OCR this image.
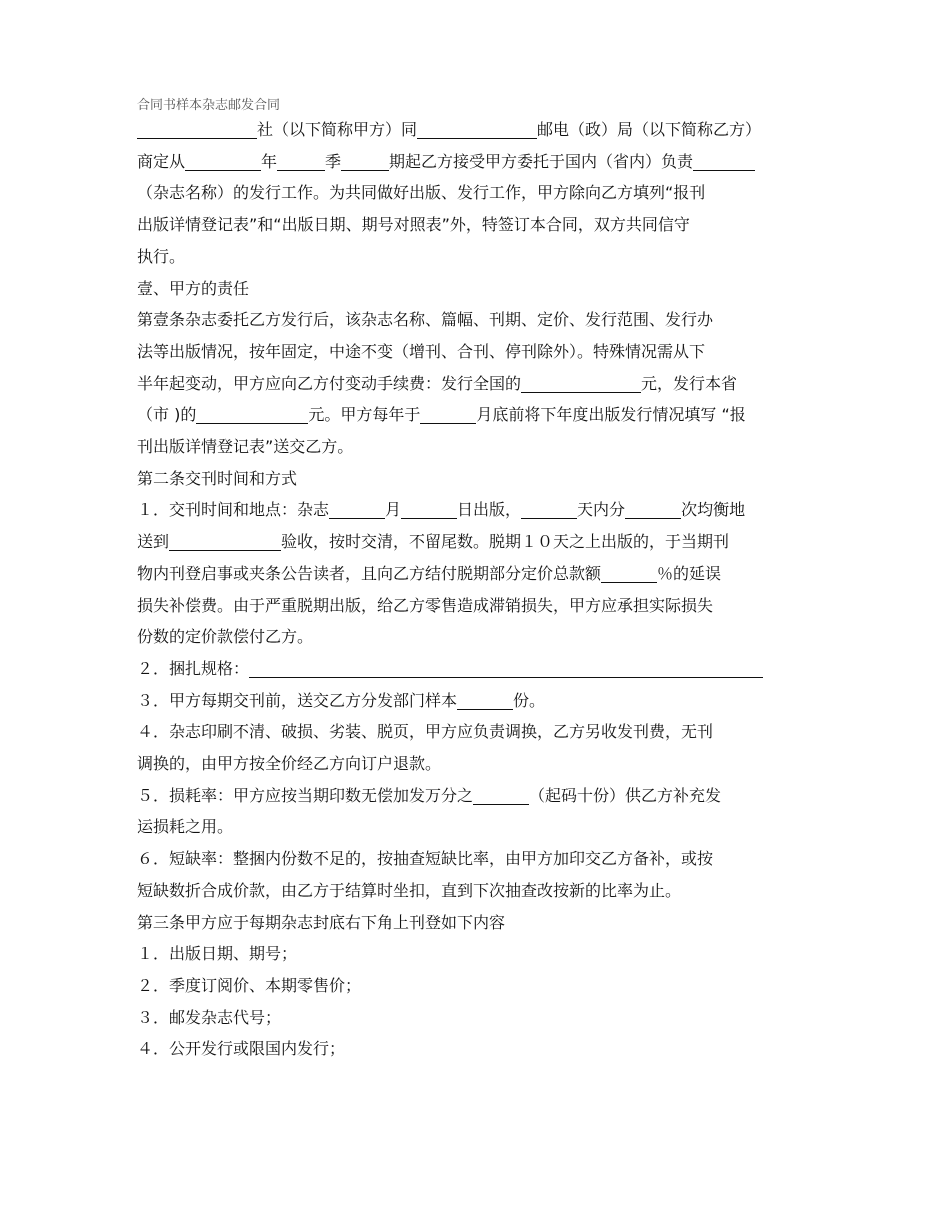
合同书样本杂志邮发合同
社（以下简称甲方）同	邮电（政）局（以下简称乙方）
商定从	年	季	期起乙方接受甲方委托于国内（省内）负责
（杂志名称）的发行工作。为共同做好出版、发行工作，甲方除向乙方填列“报刊
出版详情登记表”和“出版日期、期号对照表”外，特签订本合同，双方共同信守
执行。
壹、甲方的责任
第壹条杂志委托乙方发行后，该杂志名称、篇幅、刊期、定价、发行范围、发行办
法等出版情况，按年固定，中途不变（增刊、合刊、停刊除外）。特殊情况需从下
半年起变动，甲方应向乙方付变动手续费：发行全国的	元，发行本省
（市 )的	元。甲方每年于	月底前将下年度出版发行情况填写 “报
刊出版详情登记表”送交乙方。
第二条交刊时间和方式
１．交刊时间和地点：杂志	月	日出版，	天内分	次均衡地
送到	验收，按时交清，不留尾数。脱期１０天之上出版的，于当期刊
物内刊登启事或夹条公告读者，且向乙方结付脱期部分定价总款额	％的延误
损失补偿费。由于严重脱期出版，给乙方零售造成滞销损失，甲方应承担实际损失
份数的定价款偿付乙方。
２．捆扎规格：
３．甲方每期交刊前，送交乙方分发部门样本	份。
４．杂志印刷不清、破损、劣装、脱页，甲方应负责调换，乙方另收发刊费，无刊
调换的，由甲方按全价经乙方向订户退款。
５．损耗率：甲方应按当期印数无偿加发万分之	（起码十份）供乙方补充发
运损耗之用。
６．短缺率：整捆内份数不足的，按抽查短缺比率，由甲方加印交乙方备补，或按
短缺数折合成价款，由乙方于结算时坐扣，直到下次抽查改按新的比率为止。
第三条甲方应于每期杂志封底右下角上刊登如下内容
１．出版日期、期号；
２．季度订阅价、本期零售价；
３．邮发杂志代号；
４．公开发行或限国内发行；
